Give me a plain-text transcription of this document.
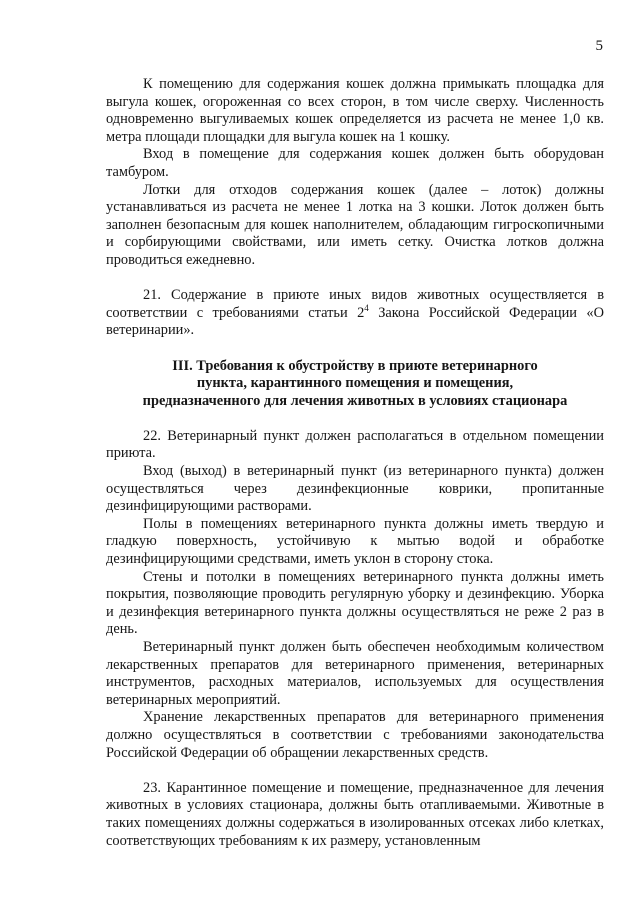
5

К помещению для содержания кошек должна примыкать площадка для выгула кошек, огороженная со всех сторон, в том числе сверху. Численность одновременно выгуливаемых кошек определяется из расчета не менее 1,0 кв. метра площади площадки для выгула кошек на 1 кошку.

Вход в помещение для содержания кошек должен быть оборудован тамбуром.

Лотки для отходов содержания кошек (далее – лоток) должны устанавливаться из расчета не менее 1 лотка на 3 кошки. Лоток должен быть заполнен безопасным для кошек наполнителем, обладающим гигроскопичными и сорбирующими свойствами, или иметь сетку. Очистка лотков должна проводиться ежедневно.

21. Содержание в приюте иных видов животных осуществляется в соответствии с требованиями статьи $2^4$ Закона Российской Федерации «О ветеринарии».

III. Требования к обустройству в приюте ветеринарного
пункта, карантинного помещения и помещения,
предназначенного для лечения животных в условиях стационара

22. Ветеринарный пункт должен располагаться в отдельном помещении приюта.

Вход (выход) в ветеринарный пункт (из ветеринарного пункта) должен осуществляться через дезинфекционные коврики, пропитанные дезинфицирующими растворами.

Полы в помещениях ветеринарного пункта должны иметь твердую и гладкую поверхность, устойчивую к мытью водой и обработке дезинфицирующими средствами, иметь уклон в сторону стока.

Стены и потолки в помещениях ветеринарного пункта должны иметь покрытия, позволяющие проводить регулярную уборку и дезинфекцию. Уборка и дезинфекция ветеринарного пункта должны осуществляться не реже 2 раз в день.

Ветеринарный пункт должен быть обеспечен необходимым количеством лекарственных препаратов для ветеринарного применения, ветеринарных инструментов, расходных материалов, используемых для осуществления ветеринарных мероприятий.

Хранение лекарственных препаратов для ветеринарного применения должно осуществляться в соответствии с требованиями законодательства Российской Федерации об обращении лекарственных средств.

23. Карантинное помещение и помещение, предназначенное для лечения животных в условиях стационара, должны быть отапливаемыми. Животные в таких помещениях должны содержаться в изолированных отсеках либо клетках, соответствующих требованиям к их размеру, установленным
